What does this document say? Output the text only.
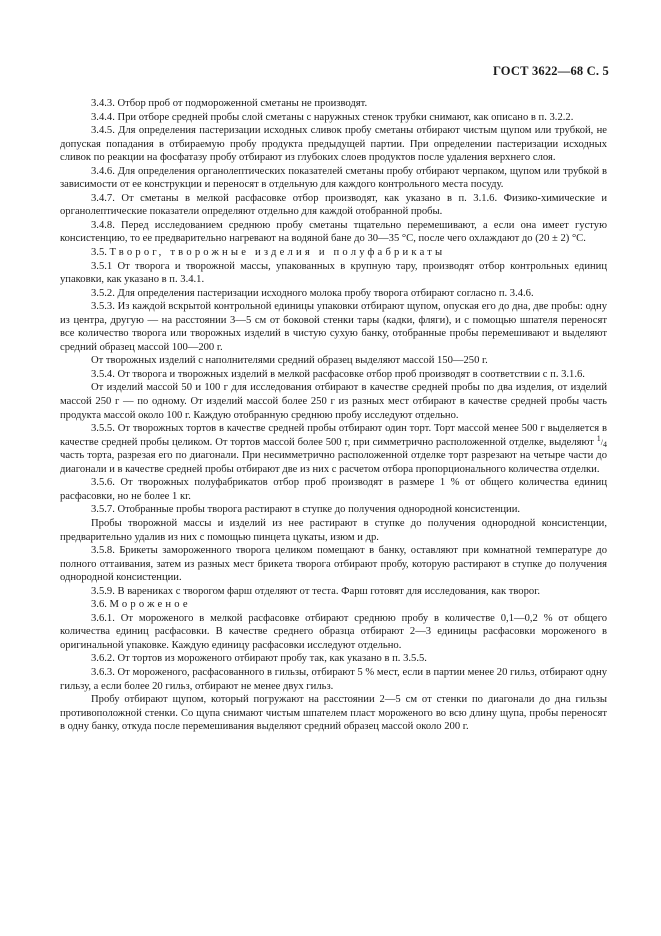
ГОСТ 3622—68 С. 5

3.4.3. Отбор проб от подмороженной сметаны не производят.

3.4.4. При отборе средней пробы слой сметаны с наружных стенок трубки снимают, как описано в п. 3.2.2.

3.4.5. Для определения пастеризации исходных сливок пробу сметаны отбирают чистым щупом или трубкой, не допуская попадания в отбираемую пробу продукта предыдущей партии. При определении пастеризации исходных сливок по реакции на фосфатазу пробу отбирают из глубоких слоев продуктов после удаления верхнего слоя.

3.4.6. Для определения органолептических показателей сметаны пробу отбирают черпаком, щупом или трубкой в зависимости от ее конструкции и переносят в отдельную для каждого контрольного места посуду.

3.4.7. От сметаны в мелкой расфасовке отбор производят, как указано в п. 3.1.6. Физико-химические и органолептические показатели определяют отдельно для каждой отобранной пробы.

3.4.8. Перед исследованием среднюю пробу сметаны тщательно перемешивают, а если она имеет густую консистенцию, то ее предварительно нагревают на водяной бане до 30—35 °С, после чего охлаждают до (20 ± 2) °С.

3.5. Творог, творожные изделия и полуфабрикаты

3.5.1 От творога и творожной массы, упакованных в крупную тару, производят отбор контрольных единиц упаковки, как указано в п. 3.4.1.

3.5.2. Для определения пастеризации исходного молока пробу творога отбирают согласно п. 3.4.6.

3.5.3. Из каждой вскрытой контрольной единицы упаковки отбирают щупом, опуская его до дна, две пробы: одну из центра, другую — на расстоянии 3—5 см от боковой стенки тары (кадки, фляги), и с помощью шпателя переносят все количество творога или творожных изделий в чистую сухую банку, отобранные пробы перемешивают и выделяют средний образец массой 100—200 г.

От творожных изделий с наполнителями средний образец выделяют массой 150—250 г.

3.5.4. От творога и творожных изделий в мелкой расфасовке отбор проб производят в соответствии с п. 3.1.6.

От изделий массой 50 и 100 г для исследования отбирают в качестве средней пробы по два изделия, от изделий массой 250 г — по одному. От изделий массой более 250 г из разных мест отбирают в качестве средней пробы часть продукта массой около 100 г. Каждую отобранную среднюю пробу исследуют отдельно.

3.5.5. От творожных тортов в качестве средней пробы отбирают один торт. Торт массой менее 500 г выделяется в качестве средней пробы целиком. От тортов массой более 500 г, при симметрично расположенной отделке, выделяют 1/4 часть торта, разрезая его по диагонали. При несимметрично расположенной отделке торт разрезают на четыре части до диагонали и в качестве средней пробы отбирают две из них с расчетом отбора пропорционального количества отделки.

3.5.6. От творожных полуфабрикатов отбор проб производят в размере 1 % от общего количества единиц расфасовки, но не более 1 кг.

3.5.7. Отобранные пробы творога растирают в ступке до получения однородной консистенции.

Пробы творожной массы и изделий из нее растирают в ступке до получения однородной консистенции, предварительно удалив из них с помощью пинцета цукаты, изюм и др.

3.5.8. Брикеты замороженного творога целиком помещают в банку, оставляют при комнатной температуре до полного оттаивания, затем из разных мест брикета творога отбирают пробу, которую растирают в ступке до получения однородной консистенции.

3.5.9. В варениках с творогом фарш отделяют от теста. Фарш готовят для исследования, как творог.

3.6. Мороженое

3.6.1. От мороженого в мелкой расфасовке отбирают среднюю пробу в количестве 0,1—0,2 % от общего количества единиц расфасовки. В качестве среднего образца отбирают 2—3 единицы расфасовки мороженого в оригинальной упаковке. Каждую единицу расфасовки исследуют отдельно.

3.6.2. От тортов из мороженого отбирают пробу так, как указано в п. 3.5.5.

3.6.3. От мороженого, расфасованного в гильзы, отбирают 5 % мест, если в партии менее 20 гильз, отбирают одну гильзу, а если более 20 гильз, отбирают не менее двух гильз.

Пробу отбирают щупом, который погружают на расстоянии 2—5 см от стенки по диагонали до дна гильзы противоположной стенки. Со щупа снимают чистым шпателем пласт мороженого во всю длину щупа, пробы переносят в одну банку, откуда после перемешивания выделяют средний образец массой около 200 г.
